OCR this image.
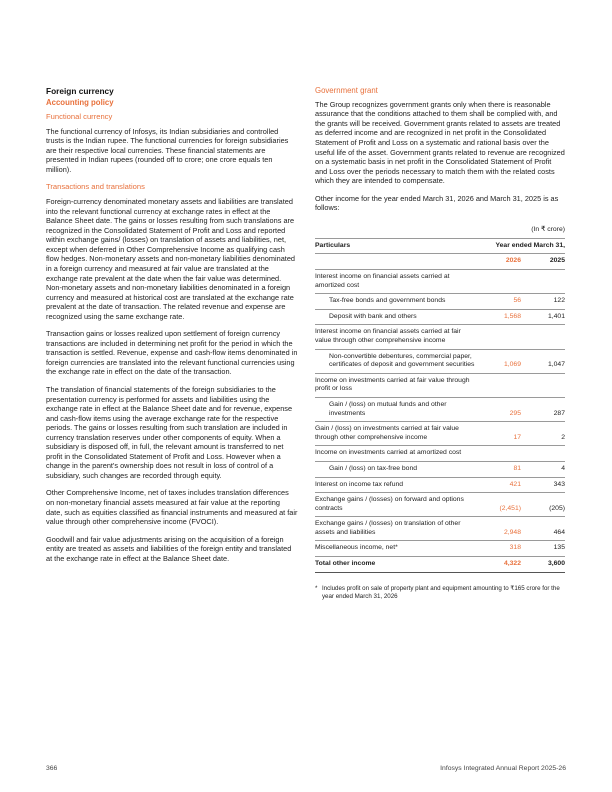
Foreign currency
Accounting policy
Functional currency

The functional currency of Infosys, its Indian subsidiaries and controlled trusts is the Indian rupee. The functional currencies for foreign subsidiaries are their respective local currencies. These financial statements are presented in Indian rupees (rounded off to crore; one crore equals ten million).

Transactions and translations

Foreign-currency denominated monetary assets and liabilities are translated into the relevant functional currency at exchange rates in effect at the Balance Sheet date. The gains or losses resulting from such translations are recognized in the Consolidated Statement of Profit and Loss and reported within exchange gains/ (losses) on translation of assets and liabilities, net, except when deferred in Other Comprehensive Income as qualifying cash flow hedges. Non-monetary assets and non-monetary liabilities denominated in a foreign currency and measured at fair value are translated at the exchange rate prevalent at the date when the fair value was determined. Non-monetary assets and non-monetary liabilities denominated in a foreign currency and measured at historical cost are translated at the exchange rate prevalent at the date of transaction. The related revenue and expense are recognized using the same exchange rate.

Transaction gains or losses realized upon settlement of foreign currency transactions are included in determining net profit for the period in which the transaction is settled. Revenue, expense and cash-flow items denominated in foreign currencies are translated into the relevant functional currencies using the exchange rate in effect on the date of the transaction.

The translation of financial statements of the foreign subsidiaries to the presentation currency is performed for assets and liabilities using the exchange rate in effect at the Balance Sheet date and for revenue, expense and cash-flow items using the average exchange rate for the respective periods. The gains or losses resulting from such translation are included in currency translation reserves under other components of equity. When a subsidiary is disposed off, in full, the relevant amount is transferred to net profit in the Consolidated Statement of Profit and Loss. However when a change in the parent's ownership does not result in loss of control of a subsidiary, such changes are recorded through equity.

Other Comprehensive Income, net of taxes includes translation differences on non-monetary financial assets measured at fair value at the reporting date, such as equities classified as financial instruments and measured at fair value through other comprehensive income (FVOCI).

Goodwill and fair value adjustments arising on the acquisition of a foreign entity are treated as assets and liabilities of the foreign entity and translated at the exchange rate in effect at the Balance Sheet date.

Government grant

The Group recognizes government grants only when there is reasonable assurance that the conditions attached to them shall be complied with, and the grants will be received. Government grants related to assets are treated as deferred income and are recognized in net profit in the Consolidated Statement of Profit and Loss on a systematic and rational basis over the useful life of the asset. Government grants related to revenue are recognized on a systematic basis in net profit in the Consolidated Statement of Profit and Loss over the periods necessary to match them with the related costs which they are intended to compensate.

Other income for the year ended March 31, 2026 and March 31, 2025 is as follows:

(In ₹ crore)
Particulars	Year ended March 31,	
	2026	2025
Interest income on financial assets carried at amortized cost		
Tax-free bonds and government bonds	56	122
Deposit with bank and others	1,568	1,401
Interest income on financial assets carried at fair value through other comprehensive income		
Non-convertible debentures, commercial paper, certificates of deposit and government securities	1,069	1,047
Income on investments carried at fair value through profit or loss		
Gain / (loss) on mutual funds and other investments	295	287
Gain / (loss) on investments carried at fair value through other comprehensive income	17	2
Income on investments carried at amortized cost		
Gain / (loss) on tax-free bond	81	4
Interest on income tax refund	421	343
Exchange gains / (losses) on forward and options contracts	(2,451)	(205)
Exchange gains / (losses) on translation of other assets and liabilities	2,948	464
Miscellaneous income, net*	318	135
Total other income	4,322	3,600
* Includes profit on sale of property plant and equipment amounting to ₹165 crore for the year ended March 31, 2026
366	Infosys Integrated Annual Report 2025-26
